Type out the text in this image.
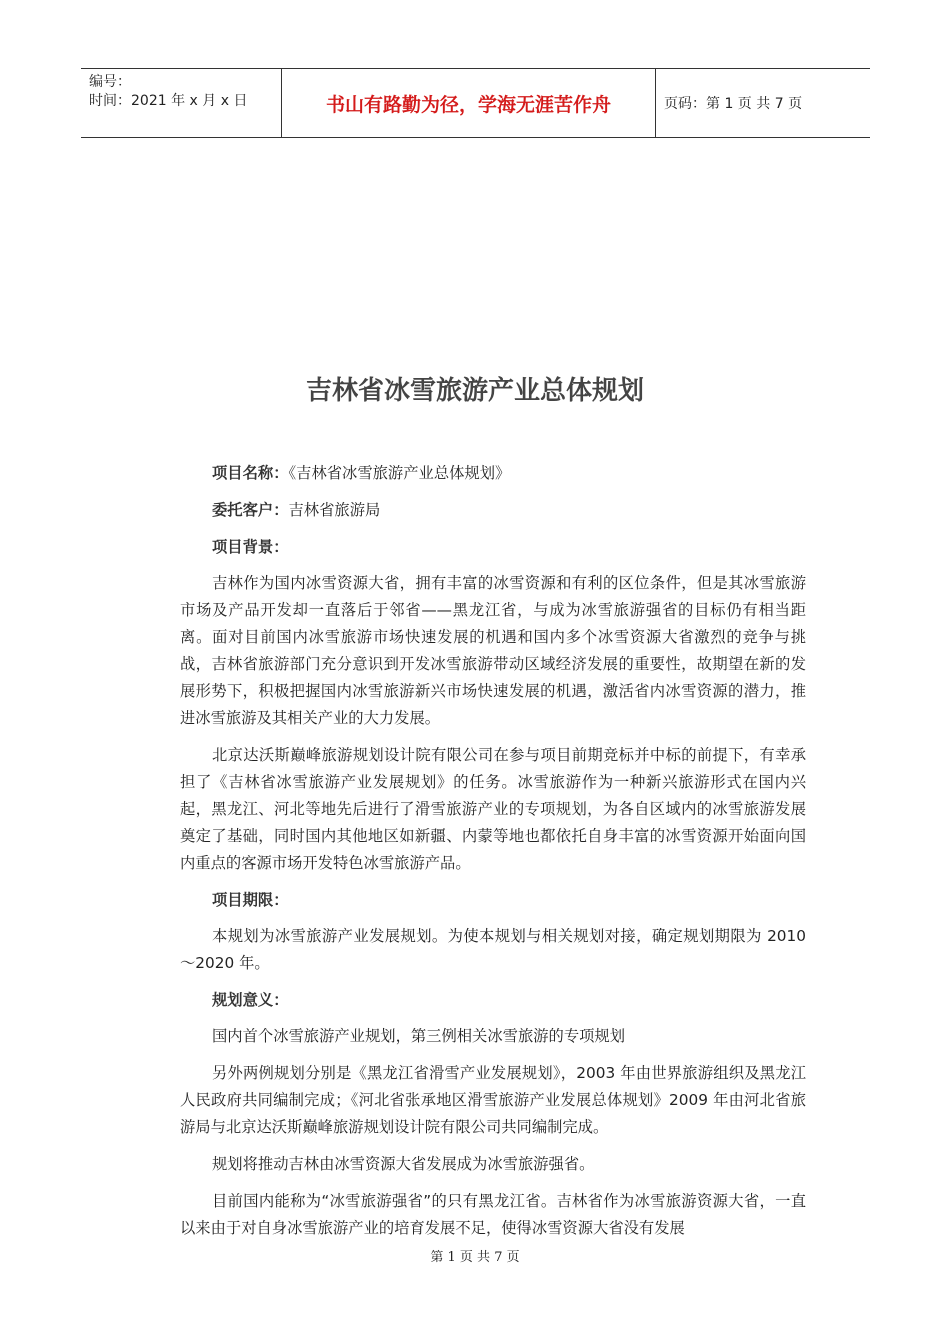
编号：
时间：2021 年 x 月 x 日	书山有路勤为径，学海无涯苦作舟	页码：第 1 页 共 7 页
吉林省冰雪旅游产业总体规划

项目名称：《吉林省冰雪旅游产业总体规划》

委托客户：吉林省旅游局

项目背景：

吉林作为国内冰雪资源大省，拥有丰富的冰雪资源和有利的区位条件，但是其冰雪旅游市场及产品开发却一直落后于邻省——黑龙江省，与成为冰雪旅游强省的目标仍有相当距离。面对目前国内冰雪旅游市场快速发展的机遇和国内多个冰雪资源大省激烈的竞争与挑战，吉林省旅游部门充分意识到开发冰雪旅游带动区域经济发展的重要性，故期望在新的发展形势下，积极把握国内冰雪旅游新兴市场快速发展的机遇，激活省内冰雪资源的潜力，推进冰雪旅游及其相关产业的大力发展。

北京达沃斯巅峰旅游规划设计院有限公司在参与项目前期竞标并中标的前提下，有幸承担了《吉林省冰雪旅游产业发展规划》的任务。冰雪旅游作为一种新兴旅游形式在国内兴起，黑龙江、河北等地先后进行了滑雪旅游产业的专项规划，为各自区域内的冰雪旅游发展奠定了基础，同时国内其他地区如新疆、内蒙等地也都依托自身丰富的冰雪资源开始面向国内重点的客源市场开发特色冰雪旅游产品。

项目期限：

本规划为冰雪旅游产业发展规划。为使本规划与相关规划对接，确定规划期限为 2010～2020 年。

规划意义：

国内首个冰雪旅游产业规划，第三例相关冰雪旅游的专项规划

另外两例规划分别是《黑龙江省滑雪产业发展规划》，2003 年由世界旅游组织及黑龙江人民政府共同编制完成；《河北省张承地区滑雪旅游产业发展总体规划》2009 年由河北省旅游局与北京达沃斯巅峰旅游规划设计院有限公司共同编制完成。

规划将推动吉林由冰雪资源大省发展成为冰雪旅游强省。

目前国内能称为“冰雪旅游强省”的只有黑龙江省。吉林省作为冰雪旅游资源大省，一直以来由于对自身冰雪旅游产业的培育发展不足，使得冰雪资源大省没有发展

第 1 页 共 7 页
